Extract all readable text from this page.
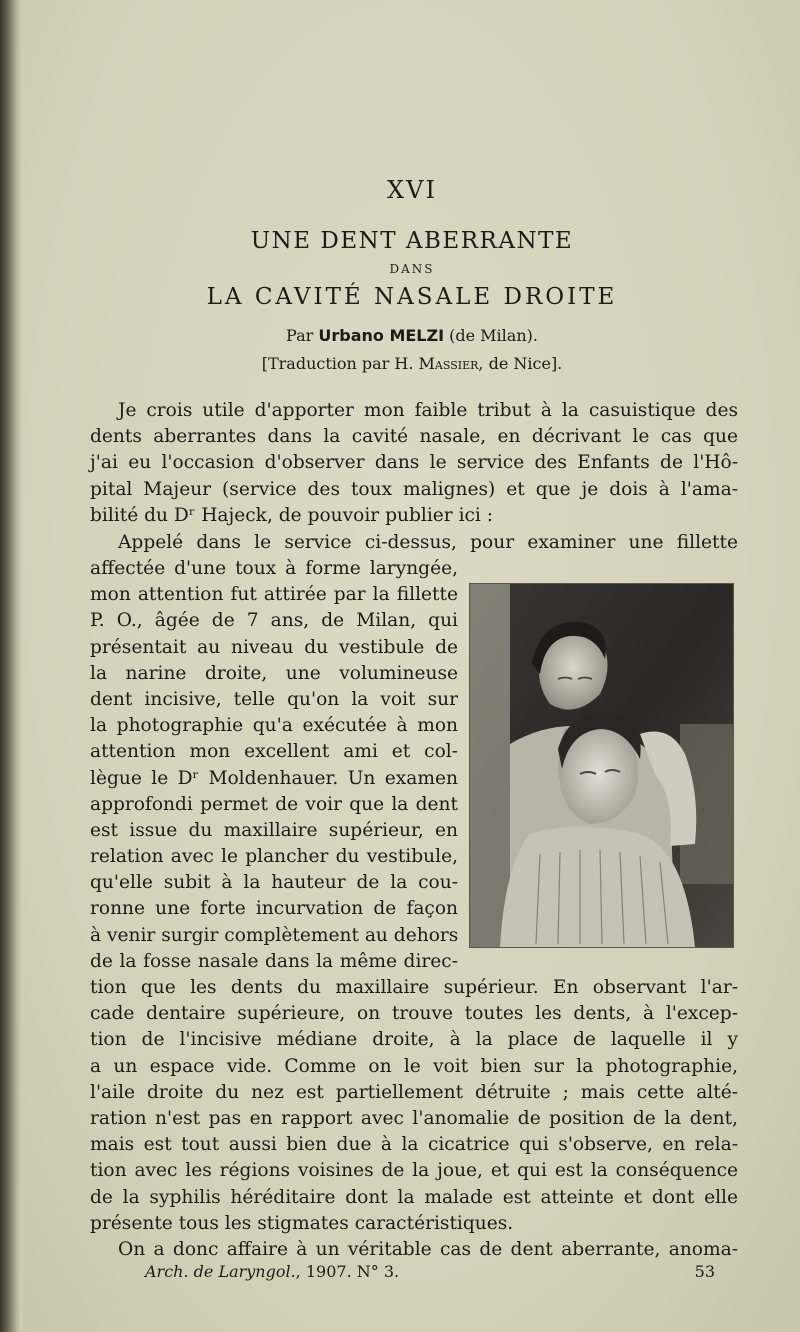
XVI
UNE DENT ABERRANTE
DANS
LA CAVITÉ NASALE DROITE
Par Urbano MELZI (de Milan).
[Traduction par H. Massier, de Nice].
Je crois utile d'apporter mon faible tribut à la casuistique des
dents aberrantes dans la cavité nasale, en décrivant le cas que
j'ai eu l'occasion d'observer dans le service des Enfants de l'Hô-
pital Majeur (service des toux malignes) et que je dois à l'ama-
bilité du Dʳ Hajeck, de pouvoir publier ici :
Appelé dans le service ci-dessus, pour examiner une fillette
affectée d'une toux à forme laryngée,
mon attention fut attirée par la fillette
P. O., âgée de 7 ans, de Milan, qui
présentait au niveau du vestibule de
la narine droite, une volumineuse
dent incisive, telle qu'on la voit sur
la photographie qu'a exécutée à mon
attention mon excellent ami et col-
lègue le Dʳ Moldenhauer. Un examen
approfondi permet de voir que la dent
est issue du maxillaire supérieur, en
relation avec le plancher du vestibule,
qu'elle subit à la hauteur de la cou-
ronne une forte incurvation de façon
à venir surgir complètement au dehors
de la fosse nasale dans la même direc-
tion que les dents du maxillaire supérieur. En observant l'ar-
cade dentaire supérieure, on trouve toutes les dents, à l'excep-
tion de l'incisive médiane droite, à la place de laquelle il y
a un espace vide. Comme on le voit bien sur la photographie,
l'aile droite du nez est partiellement détruite ; mais cette alté-
ration n'est pas en rapport avec l'anomalie de position de la dent,
mais est tout aussi bien due à la cicatrice qui s'observe, en rela-
tion avec les régions voisines de la joue, et qui est la conséquence
de la syphilis héréditaire dont la malade est atteinte et dont elle
présente tous les stigmates caractéristiques.
On a donc affaire à un véritable cas de dent aberrante, anoma-
Arch. de Laryngol., 1907. N° 3.	53
